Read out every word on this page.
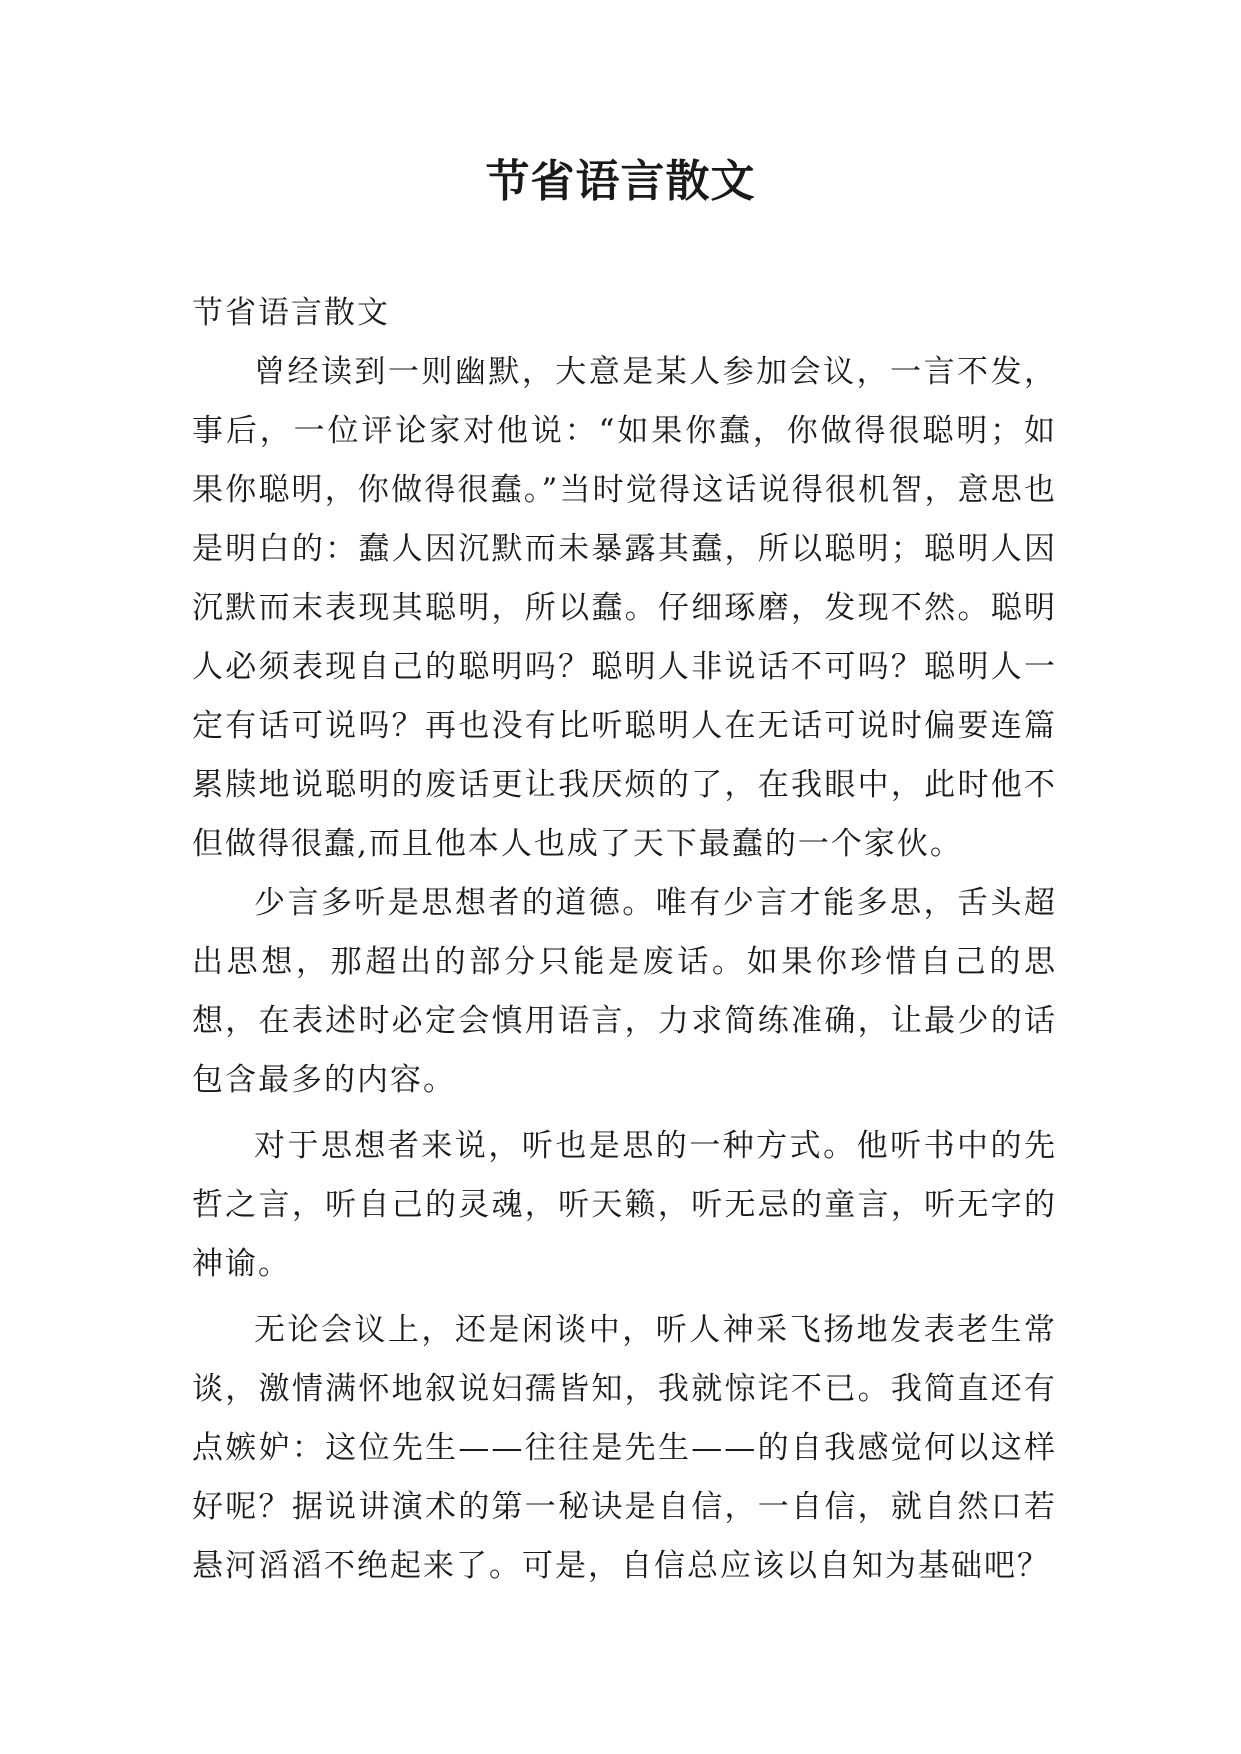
节省语言散文

节省语言散文

曾经读到一则幽默，大意是某人参加会议，一言不发，事后，一位评论家对他说：“如果你蠢，你做得很聪明；如果你聪明，你做得很蠢。”当时觉得这话说得很机智，意思也是明白的：蠢人因沉默而未暴露其蠢，所以聪明；聪明人因沉默而末表现其聪明，所以蠢。仔细琢磨，发现不然。聪明人必须表现自己的聪明吗？聪明人非说话不可吗？聪明人一定有话可说吗？再也没有比听聪明人在无话可说时偏要连篇累牍地说聪明的废话更让我厌烦的了，在我眼中，此时他不但做得很蠢,而且他本人也成了天下最蠢的一个家伙。

少言多听是思想者的道德。唯有少言才能多思，舌头超出思想，那超出的部分只能是废话。如果你珍惜自己的思想，在表述时必定会慎用语言，力求简练准确，让最少的话包含最多的内容。

对于思想者来说，听也是思的一种方式。他听书中的先哲之言，听自己的灵魂，听天籁，听无忌的童言，听无字的神谕。

无论会议上，还是闲谈中，听人神采飞扬地发表老生常谈，激情满怀地叙说妇孺皆知，我就惊诧不已。我简直还有点嫉妒：这位先生——往往是先生——的自我感觉何以这样好呢？据说讲演术的第一秘诀是自信，一自信，就自然口若悬河滔滔不绝起来了。可是，自信总应该以自知为基础吧？
